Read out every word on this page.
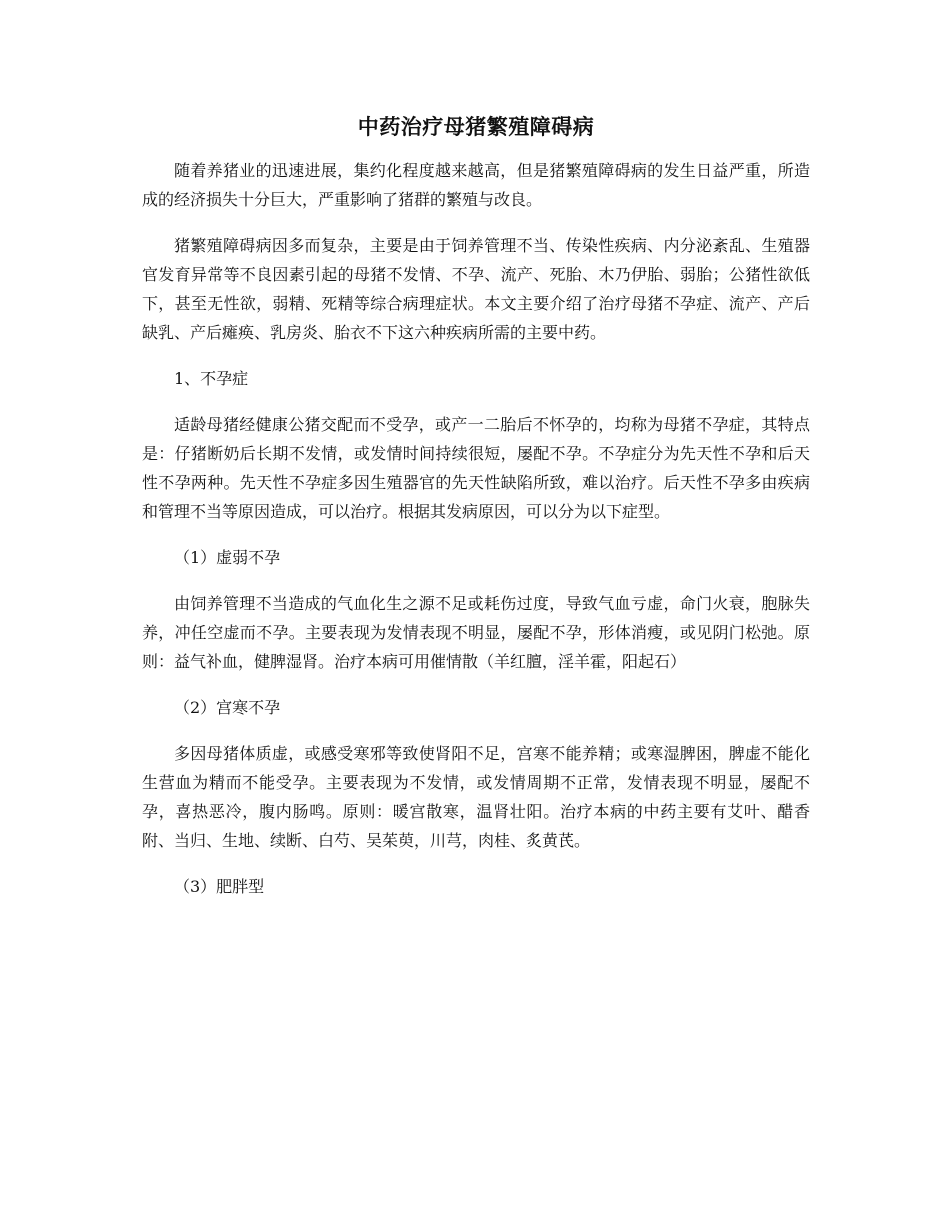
中药治疗母猪繁殖障碍病

随着养猪业的迅速进展，集约化程度越来越高，但是猪繁殖障碍病的发生日益严重，所造成的经济损失十分巨大，严重影响了猪群的繁殖与改良。

猪繁殖障碍病因多而复杂，主要是由于饲养管理不当、传染性疾病、内分泌紊乱、生殖器官发育异常等不良因素引起的母猪不发情、不孕、流产、死胎、木乃伊胎、弱胎；公猪性欲低下，甚至无性欲，弱精、死精等综合病理症状。本文主要介绍了治疗母猪不孕症、流产、产后缺乳、产后瘫痪、乳房炎、胎衣不下这六种疾病所需的主要中药。

1、不孕症

适龄母猪经健康公猪交配而不受孕，或产一二胎后不怀孕的，均称为母猪不孕症，其特点是：仔猪断奶后长期不发情，或发情时间持续很短，屡配不孕。不孕症分为先天性不孕和后天性不孕两种。先天性不孕症多因生殖器官的先天性缺陷所致，难以治疗。后天性不孕多由疾病和管理不当等原因造成，可以治疗。根据其发病原因，可以分为以下症型。

（1）虚弱不孕

由饲养管理不当造成的气血化生之源不足或耗伤过度，导致气血亏虚，命门火衰，胞脉失养，冲任空虚而不孕。主要表现为发情表现不明显，屡配不孕，形体消瘦，或见阴门松弛。原则：益气补血，健脾湿肾。治疗本病可用催情散（羊红膻，淫羊霍，阳起石）

（2）宫寒不孕

多因母猪体质虚，或感受寒邪等致使肾阳不足，宫寒不能养精；或寒湿脾困，脾虚不能化生营血为精而不能受孕。主要表现为不发情，或发情周期不正常，发情表现不明显，屡配不孕，喜热恶冷，腹内肠鸣。原则：暖宫散寒，温肾壮阳。治疗本病的中药主要有艾叶、醋香附、当归、生地、续断、白芍、吴茱萸，川芎，肉桂、炙黄芪。

（3）肥胖型
